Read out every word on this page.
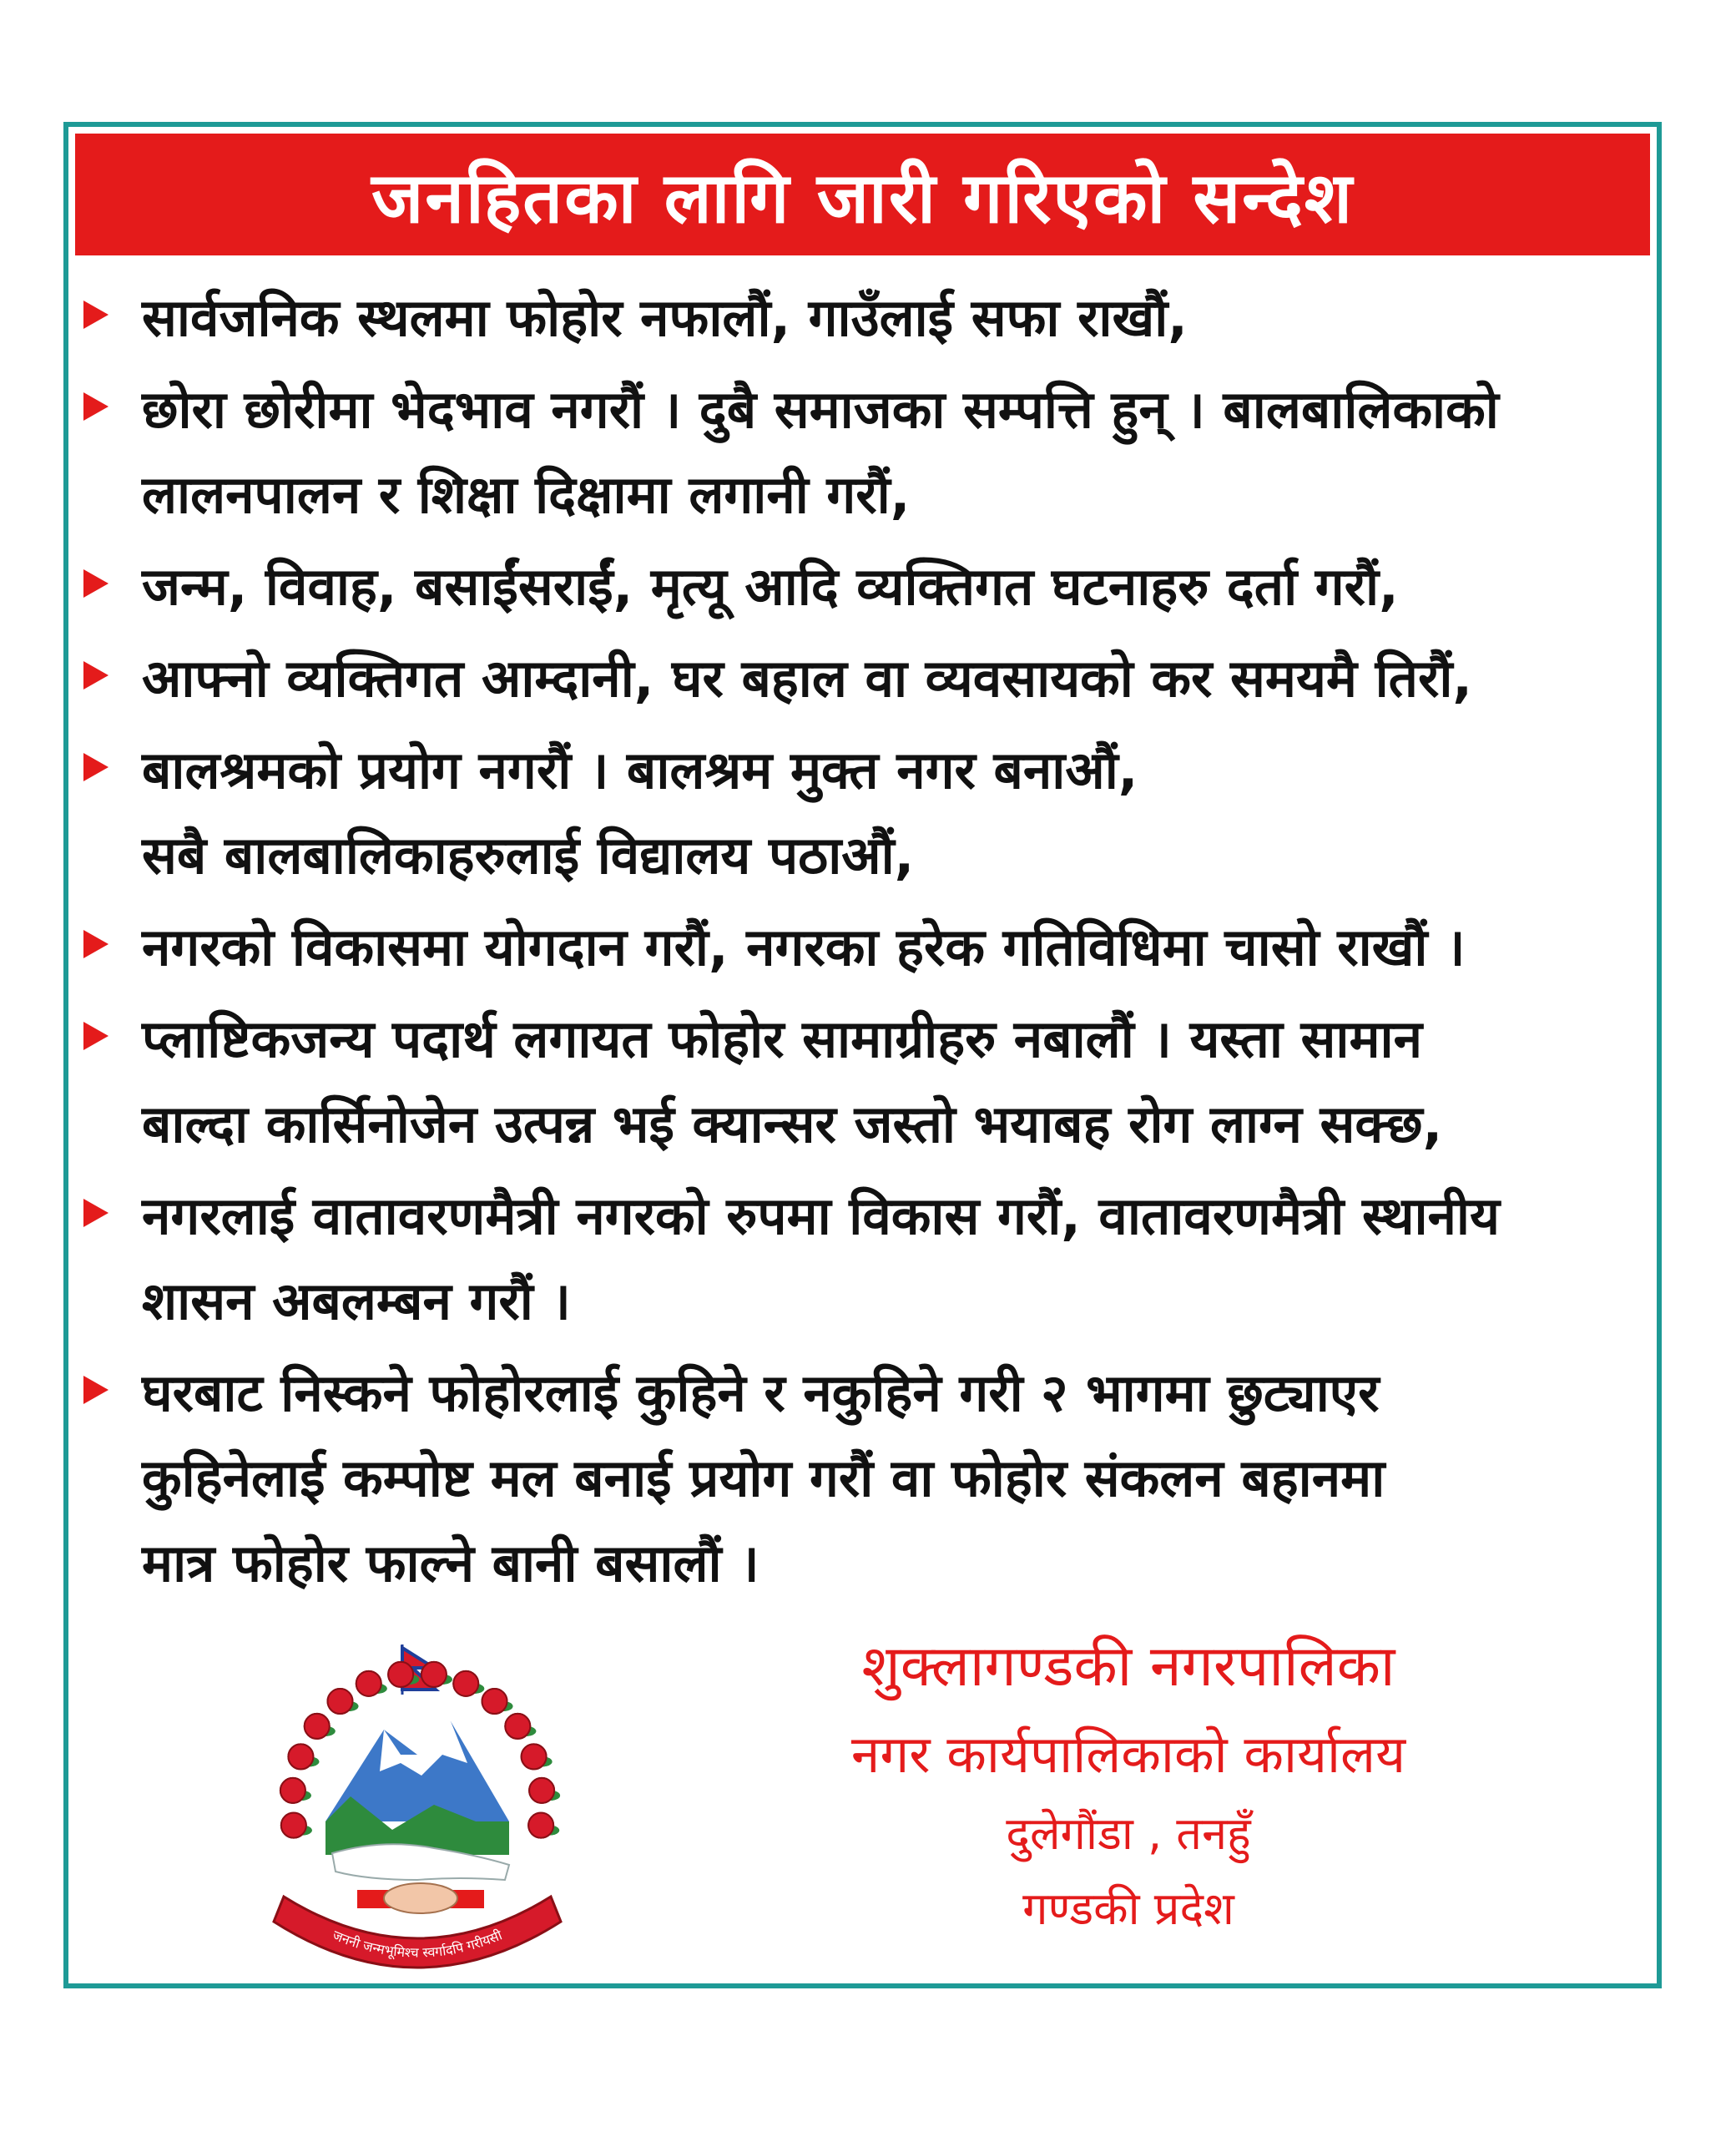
जनहितका लागि जारी गरिएको सन्देश
सार्वजनिक स्थलमा फोहोर नफालौं, गाउँलाई सफा राखौं,
छोरा छोरीमा भेदभाव नगरौं । दुबै समाजका सम्पत्ति हुन् । बालबालिकाको
लालनपालन र शिक्षा दिक्षामा लगानी गरौं,
जन्म, विवाह, बसाईंसराईं, मृत्यू आदि व्यक्तिगत घटनाहरु दर्ता गरौं,
आफ्नो व्यक्तिगत आम्दानी, घर बहाल वा व्यवसायको कर समयमै तिरौं,
बालश्रमको प्रयोग नगरौं । बालश्रम मुक्त नगर बनाऔं,
सबै बालबालिकाहरुलाई विद्यालय पठाऔं,
नगरको विकासमा योगदान गरौं, नगरका हरेक गतिविधिमा चासो राखौं ।
प्लाष्टिकजन्य पदार्थ लगायत फोहोर सामाग्रीहरु नबालौं । यस्ता सामान
बाल्दा कार्सिनोजेन उत्पन्न भई क्यान्सर जस्तो भयाबह रोग लाग्न सक्छ,
नगरलाई वातावरणमैत्री नगरको रुपमा विकास गरौं, वातावरणमैत्री स्थानीय
शासन अबलम्बन गरौं ।
घरबाट निस्कने फोहोरलाई कुहिने र नकुहिने गरी २ भागमा छुट्याएर
कुहिनेलाई कम्पोष्ट मल बनाई प्रयोग गरौं वा फोहोर संकलन बहानमा
मात्र फोहोर फाल्ने बानी बसालौं ।
जननी जन्मभूमिश्च स्वर्गादपि गरीयसी
शुक्लागण्डकी नगरपालिका
नगर कार्यपालिकाको कार्यालय
दुलेगौंडा , तनहुँ
गण्डकी प्रदेश
